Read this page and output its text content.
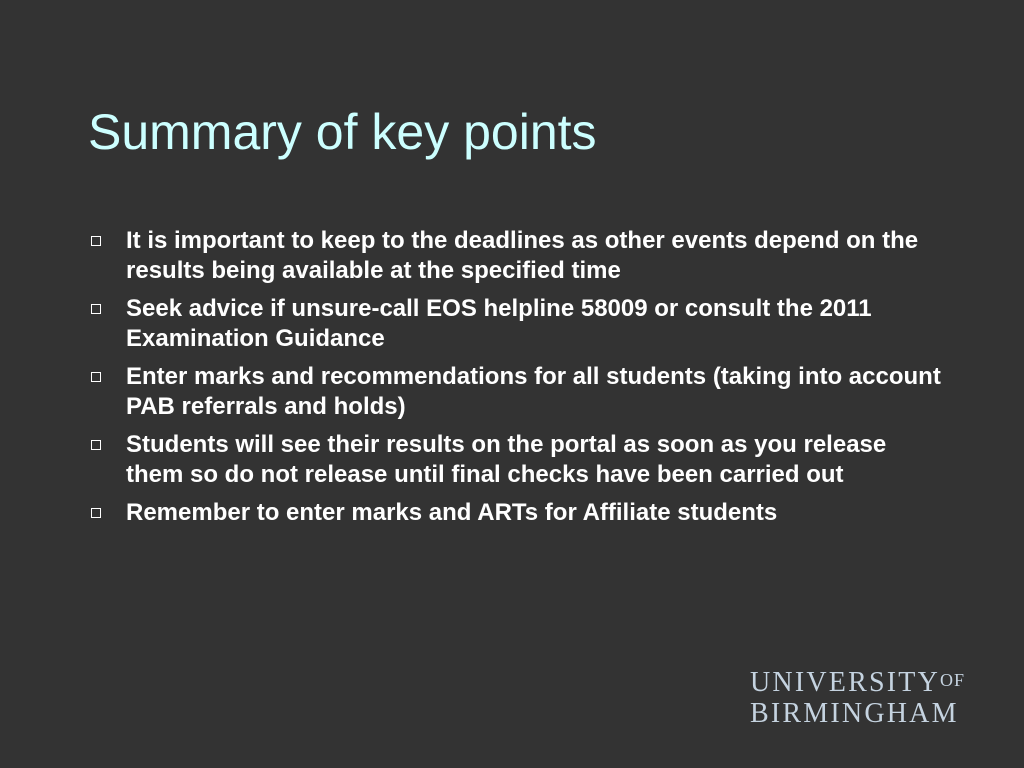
Summary of key points
It is important to keep to the deadlines as other events depend on the results being available at the specified time
Seek advice if unsure-call EOS helpline 58009 or consult the 2011 Examination Guidance
Enter marks and recommendations for all students (taking into account PAB referrals and holds)
Students will see their results on the portal as soon as you release them so do not release until final checks have been carried out
Remember to enter marks and ARTs for Affiliate students
$UNIVERSITY^{OF}$
BIRMINGHAM
